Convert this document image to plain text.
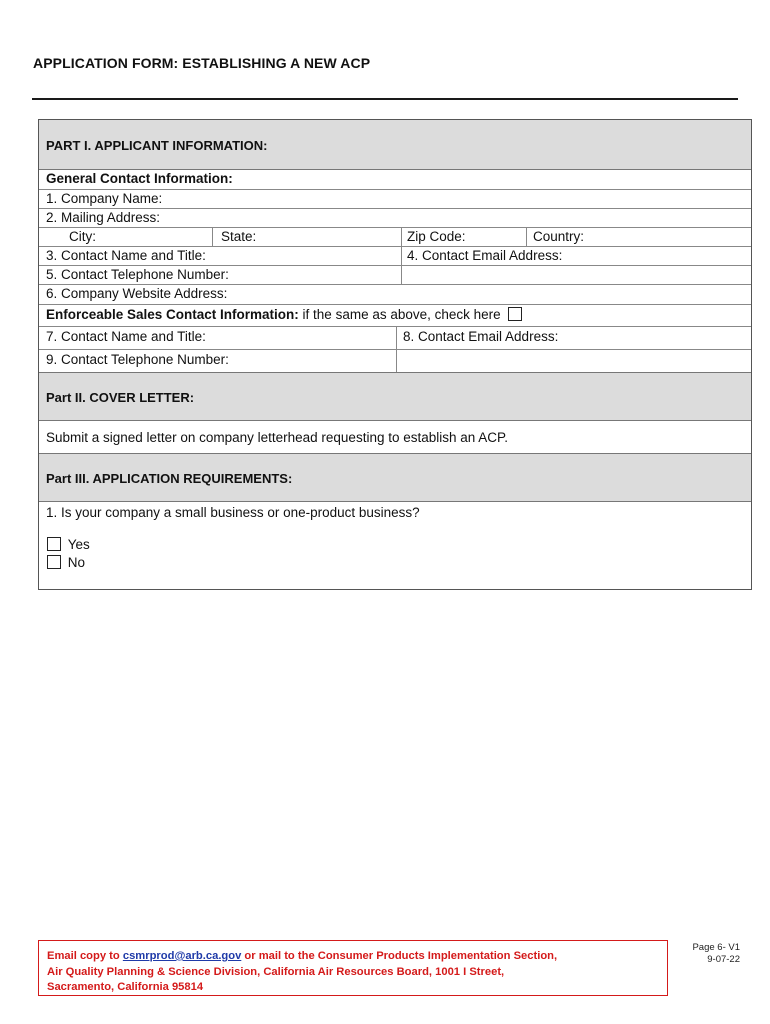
APPLICATION FORM: ESTABLISHING A NEW ACP
PART I. APPLICANT INFORMATION:
General Contact Information:
1. Company Name:
2. Mailing Address:
City:	State:	Zip Code:	Country:
3. Contact Name and Title:	4. Contact Email Address:
5. Contact Telephone Number:
6. Company Website Address:
Enforceable Sales Contact Information: if the same as above, check here
7. Contact Name and Title:	8. Contact Email Address:
9. Contact Telephone Number:
Part II. COVER LETTER:
Submit a signed letter on company letterhead requesting to establish an ACP.
Part III. APPLICATION REQUIREMENTS:
1. Is your company a small business or one-product business?
Yes
No
Email copy to csmrprod@arb.ca.gov or mail to the Consumer Products Implementation Section,
Air Quality Planning & Science Division, California Air Resources Board, 1001 I Street,
Sacramento, California 95814
Page 6- V1
9-07-22
